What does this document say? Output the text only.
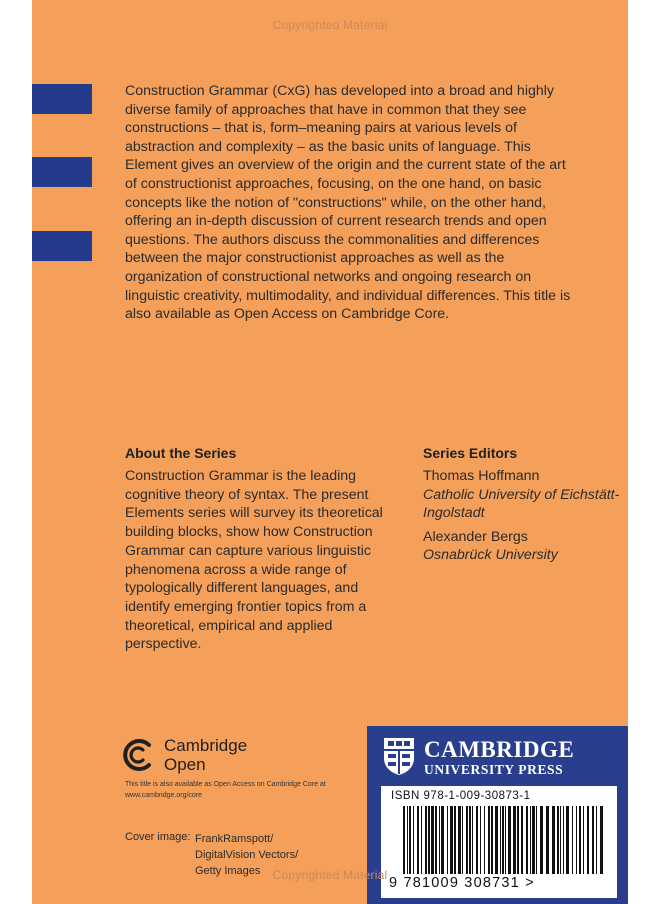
Copyrighted Material

Construction Grammar (CxG) has developed into a broad and highly diverse family of approaches that have in common that they see constructions – that is, form–meaning pairs at various levels of abstraction and complexity – as the basic units of language. This Element gives an overview of the origin and the current state of the art of constructionist approaches, focusing, on the one hand, on basic concepts like the notion of "constructions" while, on the other hand, offering an in-depth discussion of current research trends and open questions. The authors discuss the commonalities and differences between the major constructionist approaches as well as the organization of constructional networks and ongoing research on linguistic creativity, multimodality, and individual differences. This title is also available as Open Access on Cambridge Core.

About the Series

Construction Grammar is the leading cognitive theory of syntax. The present Elements series will survey its theoretical building blocks, show how Construction Grammar can capture various linguistic phenomena across a wide range of typologically different languages, and identify emerging frontier topics from a theoretical, empirical and applied perspective.

Series Editors
Thomas Hoffmann
Catholic University of Eichstätt-Ingolstadt
Alexander Bergs
Osnabrück University
Cambridge
Open
This title is also available as Open Access on Cambridge Core at www.cambridge.org/core
Cover image: FrankRamspott/
DigitalVision Vectors/
Getty Images
CAMBRIDGE
UNIVERSITY PRESS
ISBN 978-1-009-30873-1
9 781009 308731 >
Copyrighted Material
